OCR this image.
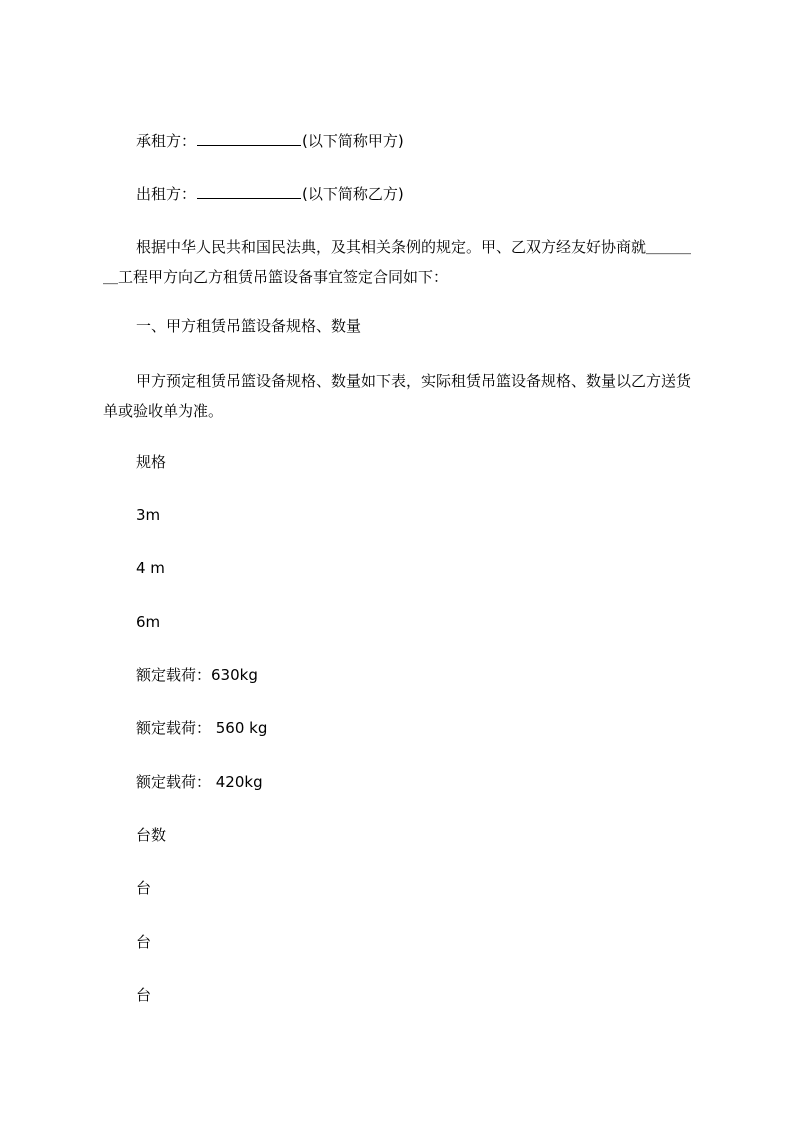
承租方：	(以下简称甲方)
出租方：	(以下简称乙方)
根据中华人民共和国民法典，及其相关条例的规定。甲、乙双方经友好协商就＿＿＿＿工程甲方向乙方租赁吊篮设备事宜签定合同如下：
一、甲方租赁吊篮设备规格、数量
甲方预定租赁吊篮设备规格、数量如下表，实际租赁吊篮设备规格、数量以乙方送货单或验收单为准。
规格
3m
4 m
6m
额定载荷：630kg
额定载荷： 560 kg
额定载荷： 420kg
台数
台
台
台
